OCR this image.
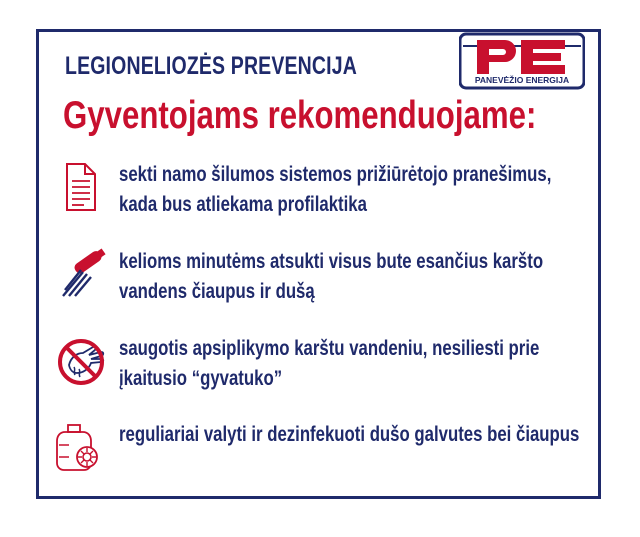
LEGIONELIOZĖS PREVENCIJA	PANEVĖŽIO ENERGIJA
Gyventojams rekomenduojame:
sekti namo šilumos sistemos prižiūrėtojo pranešimus, kada bus atliekama profilaktika
kelioms minutėms atsukti visus bute esančius karšto vandens čiaupus ir dušą
saugotis apsiplikymo karštu vandeniu, nesiliesti prie įkaitusio “gyvatuko”
reguliariai valyti ir dezinfekuoti dušo galvutes bei čiaupus
